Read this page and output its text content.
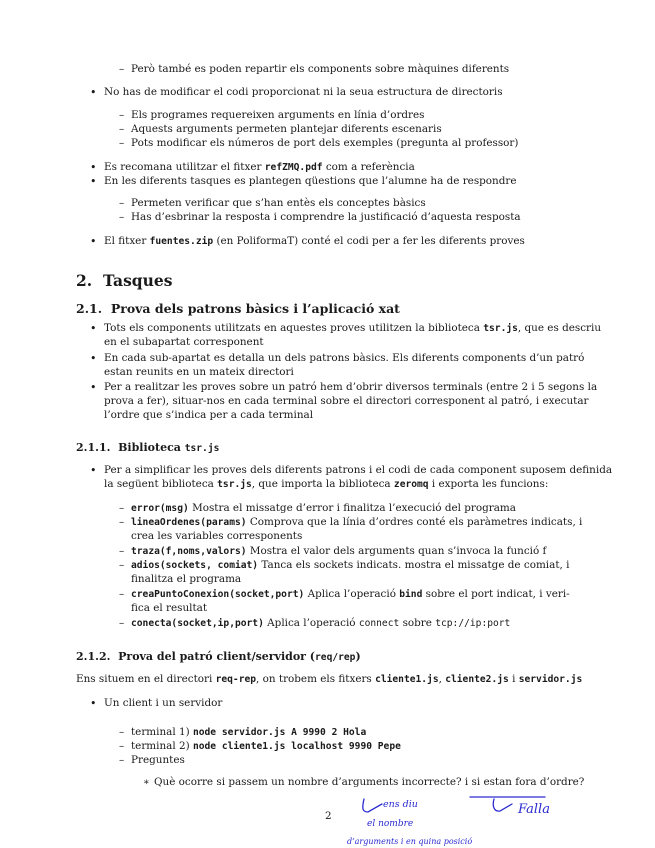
– Però també es poden repartir els components sobre màquines diferents
• No has de modificar el codi proporcionat ni la seua estructura de directoris
– Els programes requereixen arguments en línia d’ordres
– Aquests arguments permeten plantejar diferents escenaris
– Pots modificar els números de port dels exemples (pregunta al professor)
• Es recomana utilitzar el fitxer refZMQ.pdf com a referència
• En les diferents tasques es plantegen qüestions que l’alumne ha de respondre
– Permeten verificar que s’han entès els conceptes bàsics
– Has d’esbrinar la resposta i comprendre la justificació d’aquesta resposta
• El fitxer fuentes.zip (en PoliformaT) conté el codi per a fer les diferents proves
2. Tasques
2.1. Prova dels patrons bàsics i l’aplicació xat
• Tots els components utilitzats en aquestes proves utilitzen la biblioteca tsr.js, que es descriu
en el subapartat corresponent
• En cada sub-apartat es detalla un dels patrons bàsics. Els diferents components d’un patró
estan reunits en un mateix directori
• Per a realitzar les proves sobre un patró hem d’obrir diversos terminals (entre 2 i 5 segons la
prova a fer), situar-nos en cada terminal sobre el directori corresponent al patró, i executar
l’ordre que s’indica per a cada terminal
2.1.1. Biblioteca tsr.js
• Per a simplificar les proves dels diferents patrons i el codi de cada component suposem definida
la següent biblioteca tsr.js, que importa la biblioteca zeromq i exporta les funcions:
– error(msg) Mostra el missatge d’error i finalitza l’execució del programa
– lineaOrdenes(params) Comprova que la línia d’ordres conté els paràmetres indicats, i
crea les variables corresponents
– traza(f,noms,valors) Mostra el valor dels arguments quan s’invoca la funció f
– adios(sockets, comiat) Tanca els sockets indicats. mostra el missatge de comiat, i
finalitza el programa
– creaPuntoConexion(socket,port) Aplica l’operació bind sobre el port indicat, i veri-
fica el resultat
– conecta(socket,ip,port) Aplica l’operació connect sobre tcp://ip:port
2.1.2. Prova del patró client/servidor (req/rep)
Ens situem en el directori req-rep, on trobem els fitxers cliente1.js, cliente2.js i servidor.js
• Un client i un servidor
– terminal 1) node servidor.js A 9990 2 Hola
– terminal 2) node cliente1.js localhost 9990 Pepe
– Preguntes
∗ Què ocorre si passem un nombre d’arguments incorrecte? i si estan fora d’ordre?
2
ens diu
el nombre
d’arguments i en quina posició
Falla
